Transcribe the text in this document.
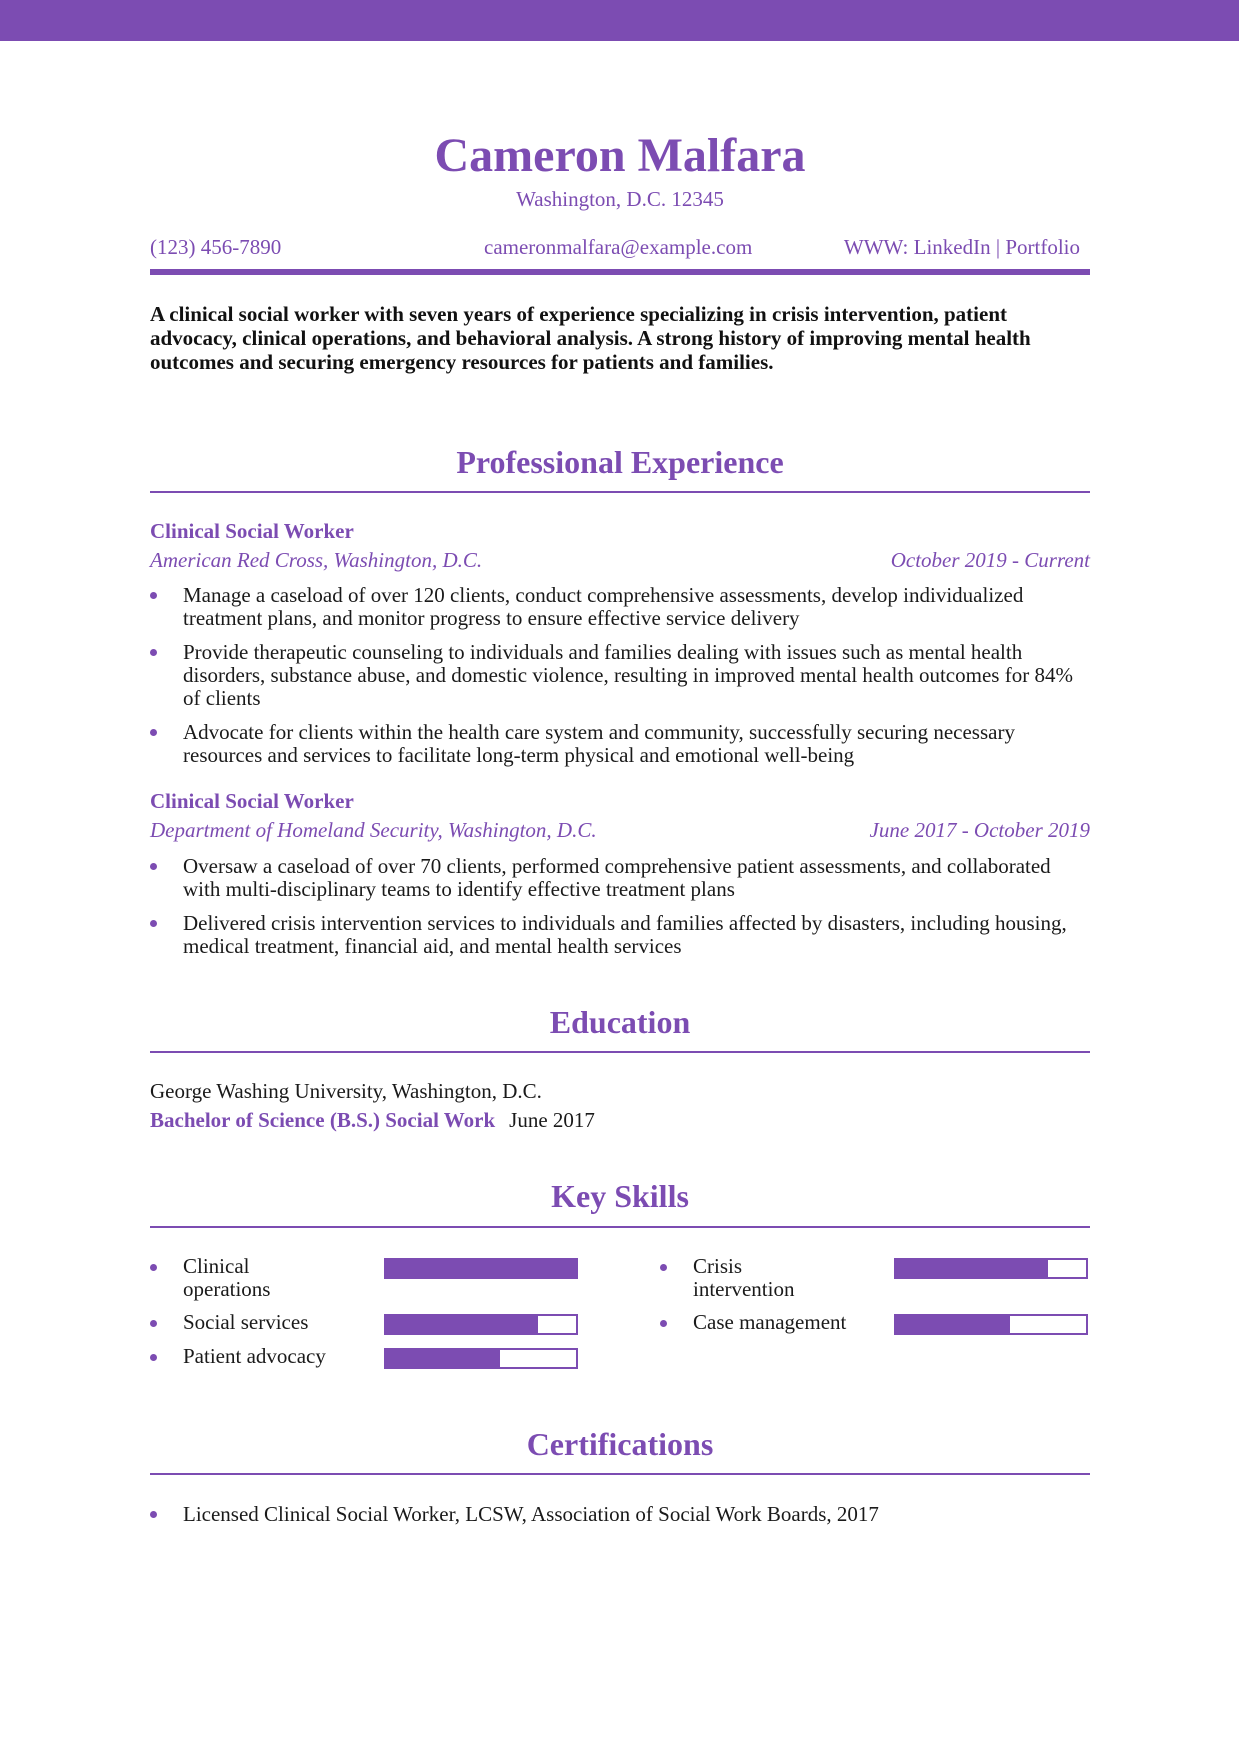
Cameron Malfara
Washington, D.C. 12345
(123) 456-7890	cameronmalfara@example.com	WWW: LinkedIn | Portfolio
A clinical social worker with seven years of experience specializing in crisis intervention, patient advocacy, clinical operations, and behavioral analysis. A strong history of improving mental health outcomes and securing emergency resources for patients and families.
Professional Experience
Clinical Social Worker
American Red Cross, Washington, D.C.	October 2019 - Current
Manage a caseload of over 120 clients, conduct comprehensive assessments, develop individualized treatment plans, and monitor progress to ensure effective service delivery
Provide therapeutic counseling to individuals and families dealing with issues such as mental health disorders, substance abuse, and domestic violence, resulting in improved mental health outcomes for 84% of clients
Advocate for clients within the health care system and community, successfully securing necessary resources and services to facilitate long-term physical and emotional well-being
Clinical Social Worker
Department of Homeland Security, Washington, D.C.	June 2017 - October 2019
Oversaw a caseload of over 70 clients, performed comprehensive patient assessments, and collaborated with multi-disciplinary teams to identify effective treatment plans
Delivered crisis intervention services to individuals and families affected by disasters, including housing, medical treatment, financial aid, and mental health services
Education
George Washing University, Washington, D.C.
Bachelor of Science (B.S.) Social Work June 2017
Key Skills
Clinical operations
Crisis intervention
Social services	Case management
Patient advocacy
Certifications
Licensed Clinical Social Worker, LCSW, Association of Social Work Boards, 2017
